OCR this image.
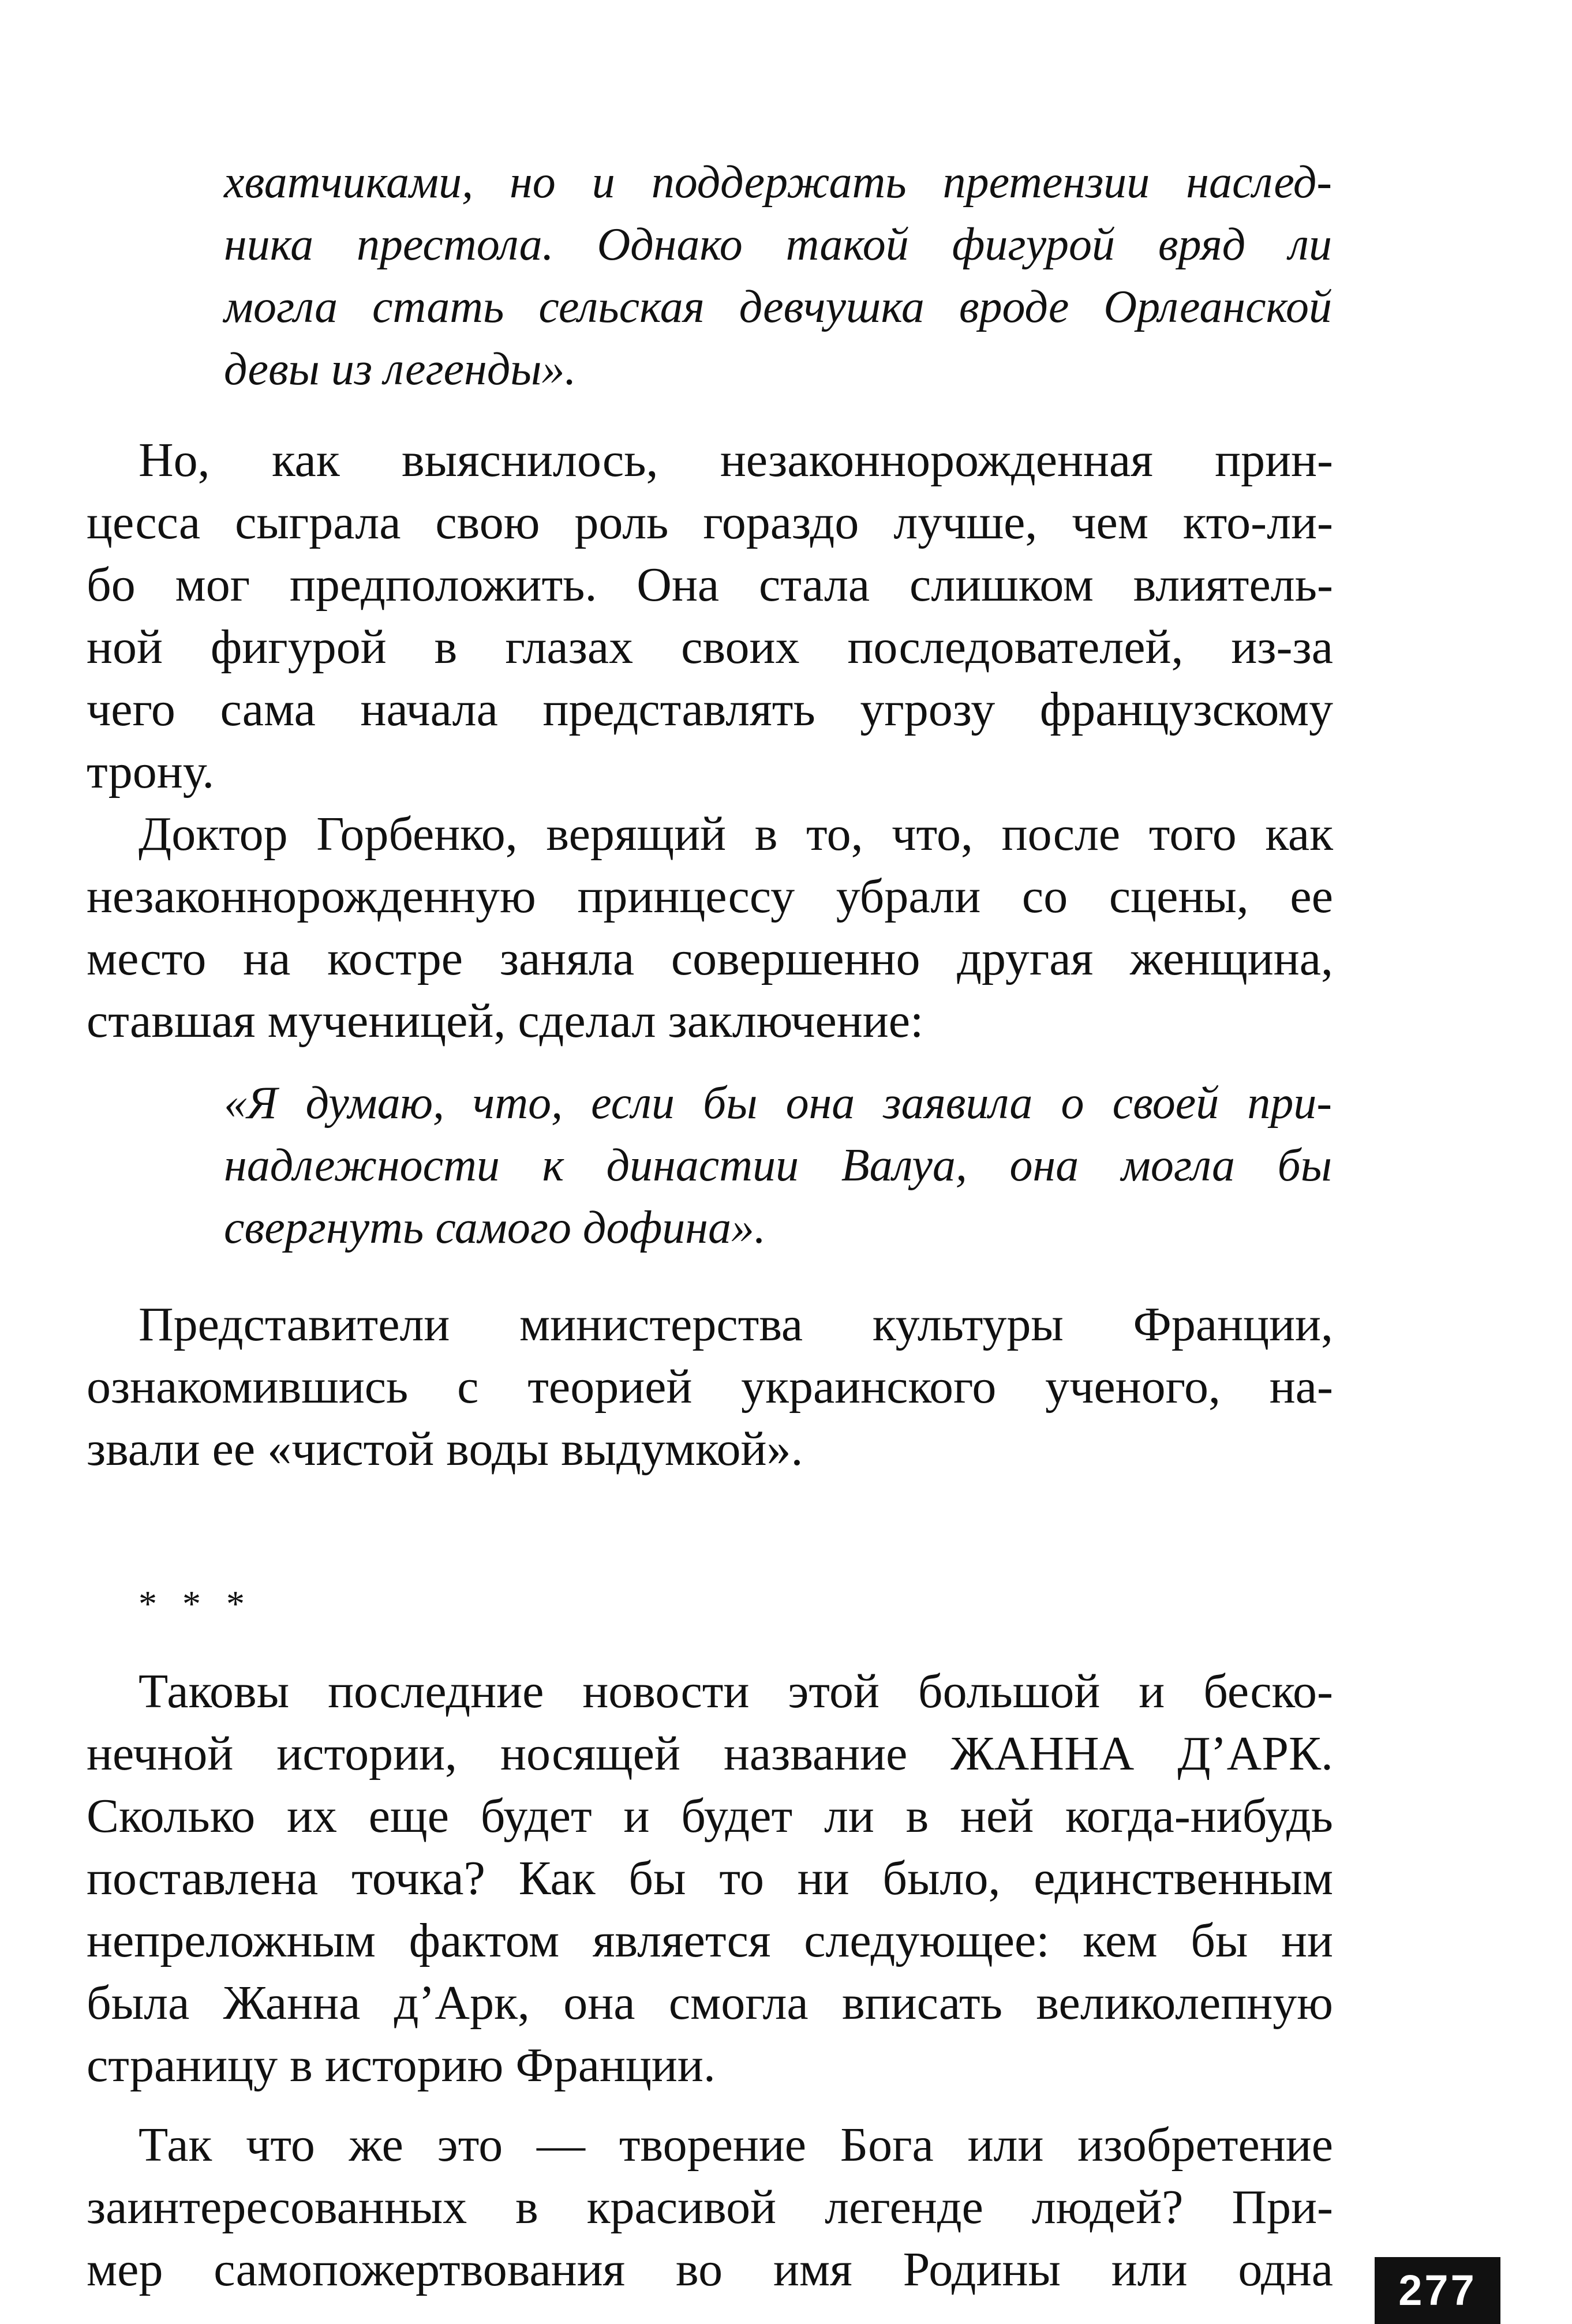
хватчиками, но и поддержать претензии наслед-
ника престола. Однако такой фигурой вряд ли
могла стать сельская девчушка вроде Орлеанской
девы из легенды».
Но, как выяснилось, незаконнорожденная прин-
цесса сыграла свою роль гораздо лучше, чем кто-ли-
бо мог предположить. Она стала слишком влиятель-
ной фигурой в глазах своих последователей, из-за
чего сама начала представлять угрозу французскому
трону.
Доктор Горбенко, верящий в то, что, после того как
незаконнорожденную принцессу убрали со сцены, ее
место на костре заняла совершенно другая женщина,
ставшая мученицей, сделал заключение:
«Я думаю, что, если бы она заявила о своей при-
надлежности к династии Валуа, она могла бы
свергнуть самого дофина».
Представители министерства культуры Франции,
ознакомившись с теорией украинского ученого, на-
звали ее «чистой воды выдумкой».
* * *
Таковы последние новости этой большой и беско-
нечной истории, носящей название ЖАННА Д’АРК.
Сколько их еще будет и будет ли в ней когда-нибудь
поставлена точка? Как бы то ни было, единственным
непреложным фактом является следующее: кем бы ни
была Жанна д’Арк, она смогла вписать великолепную
страницу в историю Франции.
Так что же это — творение Бога или изобретение
заинтересованных в красивой легенде людей? При-
мер самопожертвования во имя Родины или одна	277
